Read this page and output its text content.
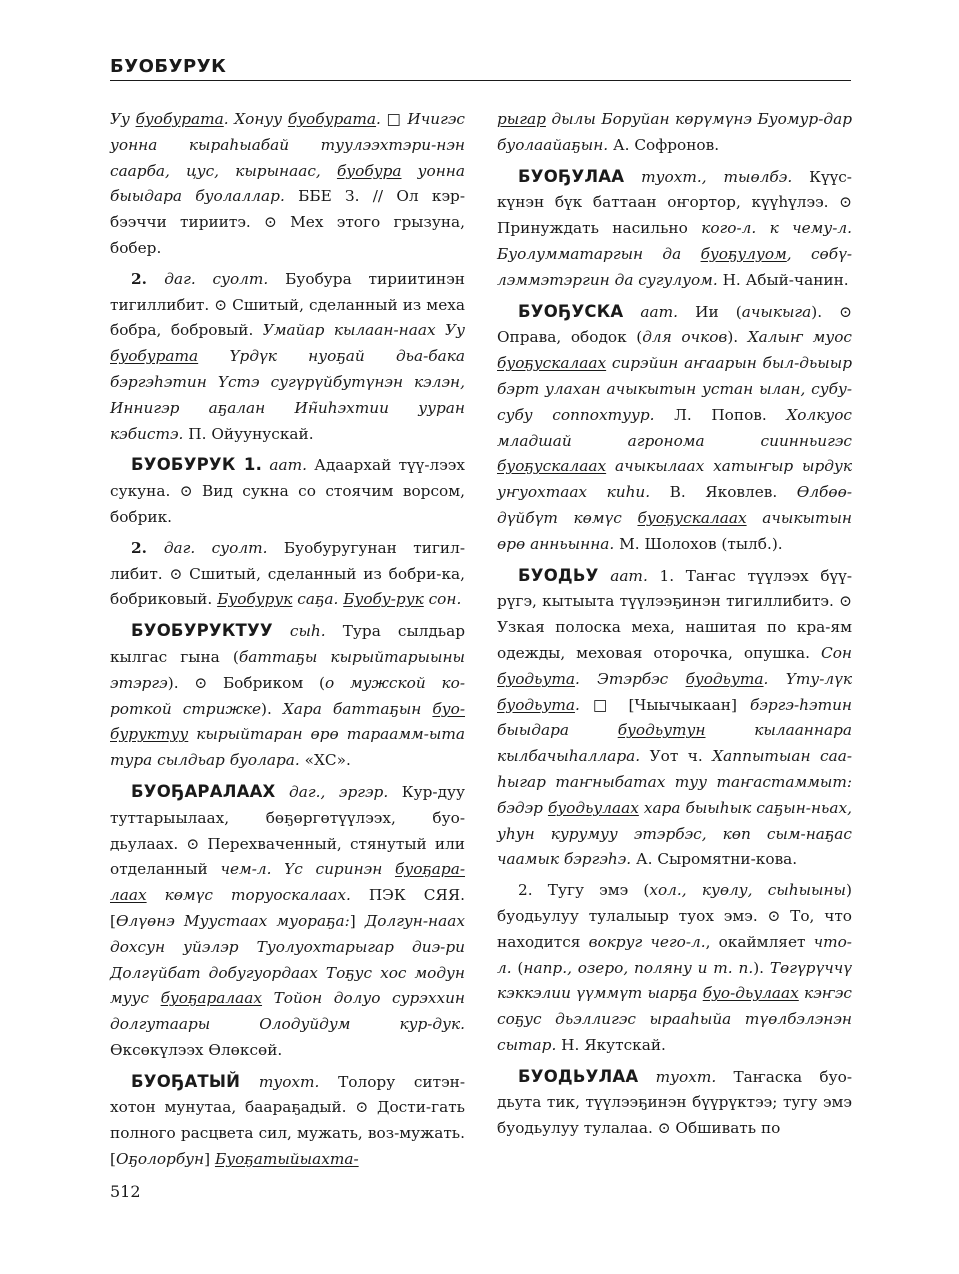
БУОБУРУК

Уу буобурата. Хонуу буобурата. □ Ичигэс уонна кыраһыабай туулээхтэри-нэн саарба, цус, кырынаас, буобура уонна быыдара буолаллар. ББЕ З. // Ол кэр-бээччи тириитэ. ⊙ Мех этого грызуна, бобер.

2. даг. суолт. Буобура тириитинэн тигиллибит. ⊙ Сшитый, сделанный из меха бобра, бобровый. Умайар кылаан-наах Уу буобурата Үрдүк нуоҕай дьа-бака бэргэһэтин Үстэ сугүрүйбутүнэн кэлэн, Иннигэр аҕалан Ин̃иһэхтии ууран кэбистэ. П. Ойуунускай.

БУОБУРУК 1. аат. Адаархай түү-лээх сукуна. ⊙ Вид сукна со стоячим ворсом, бобрик.

2. даг. суолт. Буобуругунан тигил-либит. ⊙ Сшитый, сделанный из бобри-ка, бобриковый. Буобурук саҕа. Буобу-рук сон.

БУОБУРУКТУУ сыһ. Тура сылдьар кылгас гына (баттаҕы кырыйтарыыны этэргэ). ⊙ Бобриком (о мужской ко-роткой стрижке). Хара баттаҕын буо-буруктуу кырыйтаран өрө тараамм-ыта тура сылдьар буолара. «ХС».

БУОҔАРАЛААХ даг., эргэр. Кур-дуу туттарыылаах, бөҕөргөтүүлээх, буо-дьулаах. ⊙ Перехваченный, стянутый или отделанный чем-л. Үс сиринэн буоҕара-лаах көмүс торуоскалаах. ПЭК СЯЯ. [Өлүөнэ Муустаах муораҕа:] Долгун-наах дохсун уйэлэр Туолуохтарыгар диэ-ри Долгүйбат добугуордаах Тоҕус хос модун муус буоҕаралаах Тойон долуо сурэххин долгутаары Олодуйдум кур-дук. Өксөкүлээх Өлөксөй.

БУОҔАТЫЙ туохт. Толору ситэн-хотон мунутаа, баараҕадый. ⊙ Дости-гать полного расцвета сил, мужать, воз-мужать. [Оҕолорбун] Буоҕатыйыахта-

рыгар дылы Боруйан көрүмүнэ Буомур-дар буолаайаҕын. А. Софронов.

БУОҔУЛАА туохт., тыөлбэ. Күүс-күнэн бүк баттаан оҥортор, күүһүлээ. ⊙ Принуждать насильно кого-л. к чему-л. Буолумматаргын да буоҕулуом, сөбү-лэммэтэргин да сугулуом. Н. Абый-чанин.

БУОҔУСКА аат. Ии (ачыкыга). ⊙ Оправа, ободок (для очков). Халыҥ муос буоҕускалаах сирэйин аҥаарын был-дьыыр бэрт улахан ачыкытын устан ылан, субу-субу соппохтуур. Л. Попов. Холкуос младшай агронома сиинньигэс буоҕускалаах ачыкылаах хатыҥыр ырдук уҥуохтаах киһи. В. Яковлев. Өлбөө-дүйбүт көмүс буоҕускалаах ачыкытын өрө анньынна. М. Шолохов (тылб.).

БУОДЬУ аат. 1. Таҥас түүлээх бүү-рүгэ, кытыыта түүлээҕинэн тигиллибитэ. ⊙ Узкая полоска меха, нашитая по кра-ям одежды, меховая оторочка, опушка. Сон буодьута. Этэрбэс буодьута. Үту-лүк буодьута. □ [Чыычыкаан] бэргэ-һэтин быыдара буодьутун кылааннара кылбачыһаллара. Уот ч. Хаппытыан саа-һыгар таҥныбатах туу таҥастаммыт: бэдэр буодьулаах хара быыһык саҕын-ньах, уһун курумуу этэрбэс, көп сым-наҕас чаамык бэргэһэ. А. Сыромятни-кова.

2. Тугу эмэ (хол., куөлу, сыһыыны) буодьулуу тулалыыр туох эмэ. ⊙ То, что находится вокруг чего-л., окаймляет что-л. (напр., озеро, поляну и т. п.). Төгүрүччү кэккэлии үүммүт ыарҕа буо-дьулаах кэҥэс соҕус дьэллигэс ырааһыйа түөлбэлэнэн сытар. Н. Якутскай.

БУОДЬУЛАА туохт. Таҥаска буо-дьута тик, түүлээҕинэн бүүрүктээ; тугу эмэ буодьулуу тулалаа. ⊙ Обшивать по

512
